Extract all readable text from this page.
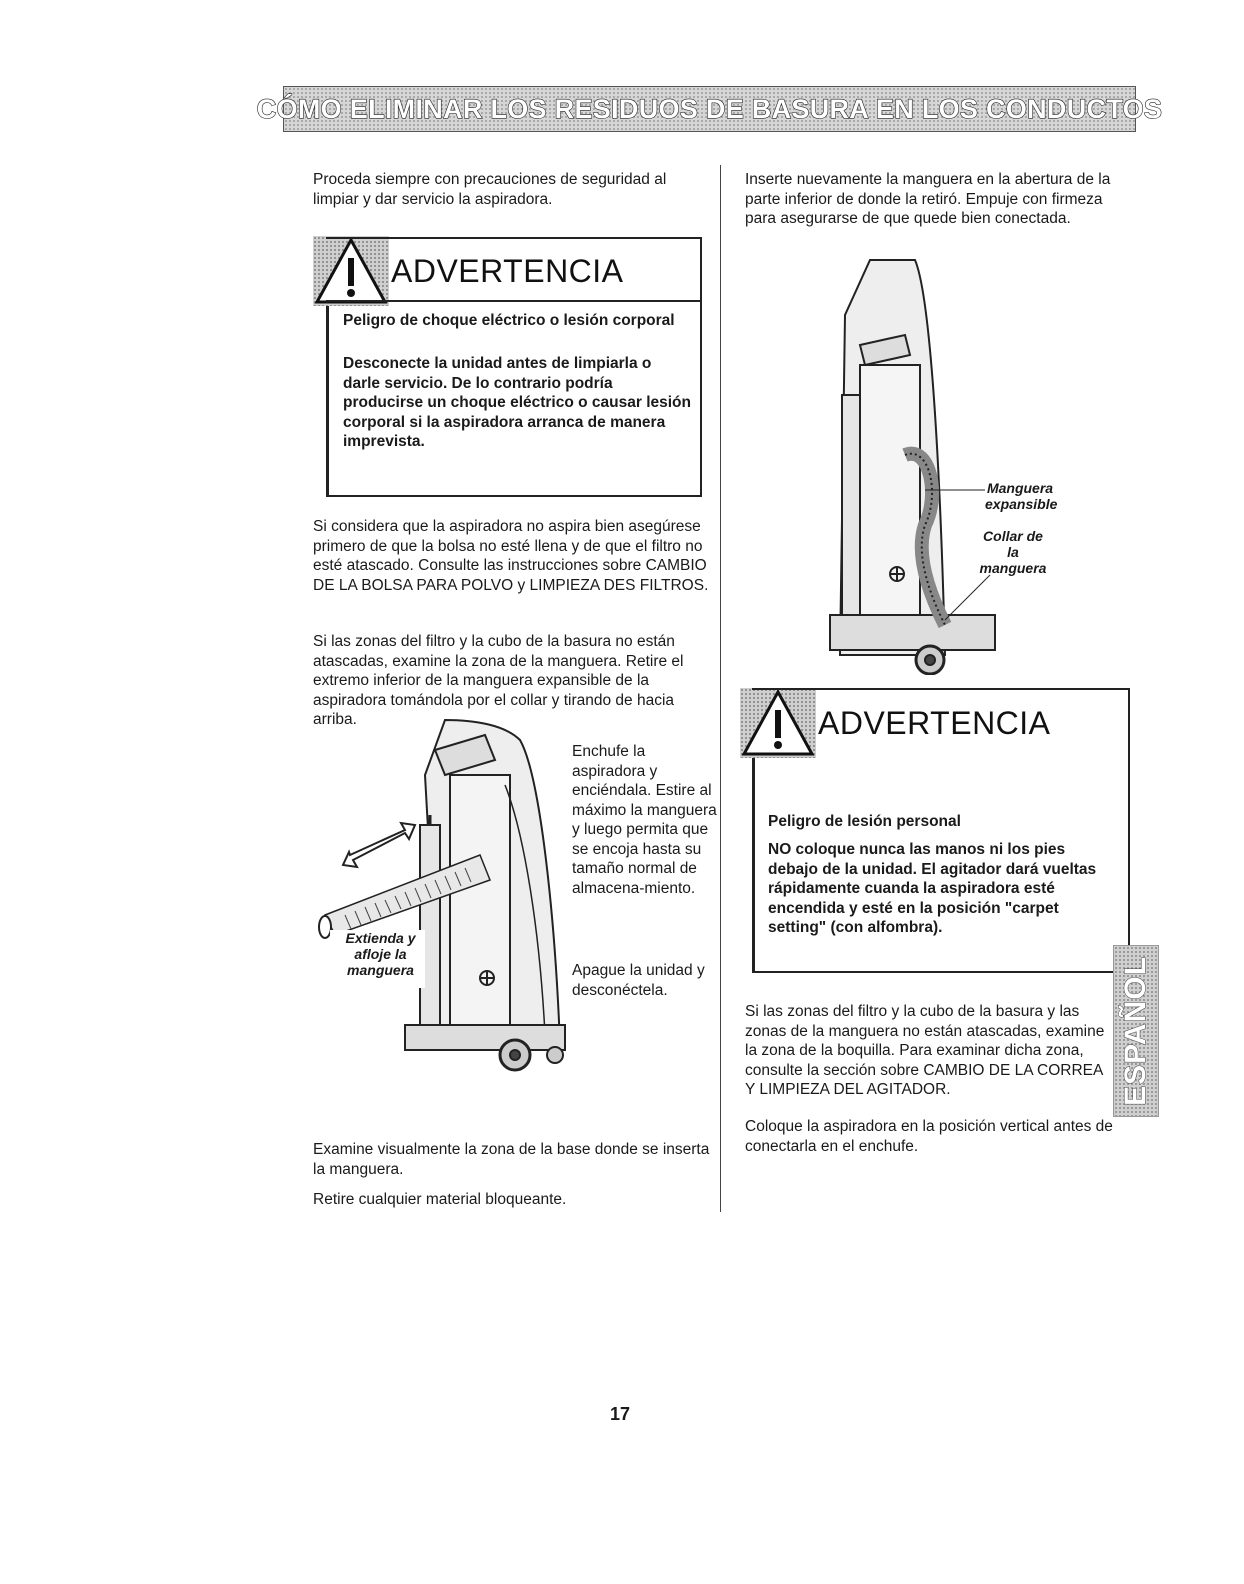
CÓMO ELIMINAR LOS RESIDUOS DE BASURA EN LOS CONDUCTOS

Proceda siempre con precauciones de seguridad al limpiar y dar servicio la aspiradora.

ADVERTENCIA

Peligro de choque eléctrico o lesión corporal

Desconecte la unidad antes de limpiarla o darle servicio. De lo contrario podría producirse un choque eléctrico o causar lesión corporal si la aspiradora arranca de manera imprevista.

Si considera que la aspiradora no aspira bien asegúrese primero de que la bolsa no esté llena y de que el filtro no esté atascado. Consulte las instrucciones sobre CAMBIO DE LA BOLSA PARA POLVO y LIMPIEZA DES FILTROS.

Si las zonas del filtro y la cubo de la basura no están atascadas, examine la zona de la manguera. Retire el extremo inferior de la manguera expansible de la aspiradora tomándola por el collar y tirando de hacia arriba.

Extienda y afloje la manguera

Enchufe la aspiradora y enciéndala. Estire al máximo la manguera y luego permita que se encoja hasta su tamaño normal de almacena-miento.

Apague la unidad y desconéctela.

Examine visualmente la zona de la base donde se inserta la manguera.

Retire cualquier material bloqueante.

Inserte nuevamente la manguera en la abertura de la parte inferior de donde la retiró. Empuje con firmeza para asegurarse de que quede bien conectada.

Manguera expansible

Collar de la manguera

ADVERTENCIA

Peligro de lesión personal

NO coloque nunca las manos ni los pies debajo de la unidad. El agitador dará vueltas rápidamente cuanda la aspiradora esté encendida y esté en la posición "carpet setting" (con alfombra).

Si las zonas del filtro y la cubo de la basura y las zonas de la manguera no están atascadas, examine la zona de la boquilla. Para examinar dicha zona, consulte la sección sobre CAMBIO DE LA CORREA Y LIMPIEZA DEL AGITADOR.

Coloque la aspiradora en la posición vertical antes de conectarla en el enchufe.

ESPAÑOL
17
